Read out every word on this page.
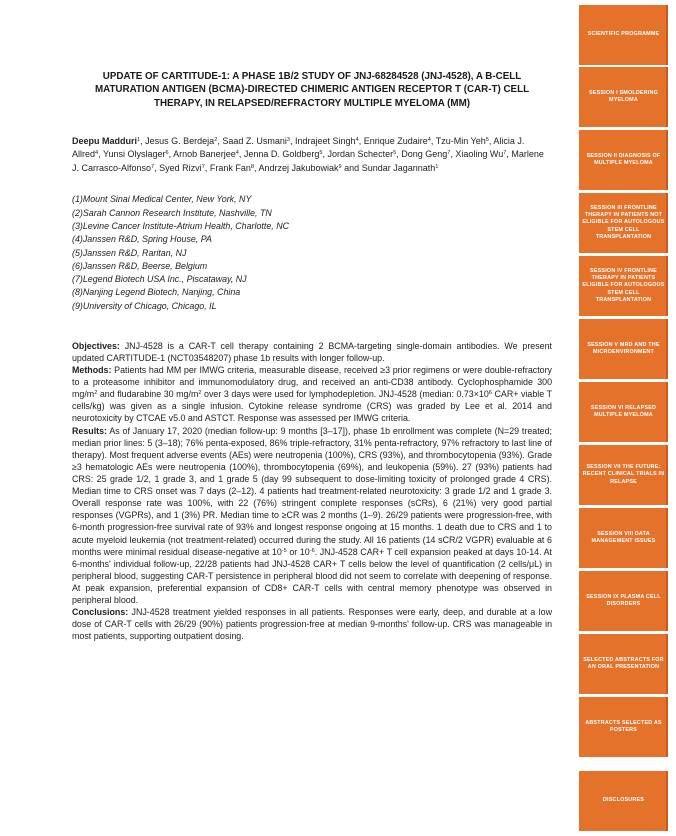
UPDATE OF CARTITUDE-1: A PHASE 1B/2 STUDY OF JNJ-68284528 (JNJ-4528), A B-CELL MATURATION ANTIGEN (BCMA)-DIRECTED CHIMERIC ANTIGEN RECEPTOR T (CAR-T) CELL THERAPY, IN RELAPSED/REFRACTORY MULTIPLE MYELOMA (MM)
Deepu Madduri$^1$, Jesus G. Berdeja$^2$, Saad Z. Usmani$^3$, Indrajeet Singh$^4$, Enrique Zudaire$^4$, Tzu-Min Yeh$^5$, Alicia J. Allred$^4$, Yunsi Olyslager$^6$, Arnob Banerjee$^4$, Jenna D. Goldberg$^5$, Jordan Schecter$^5$, Dong Geng$^7$, Xiaoling Wu$^7$, Marlene J. Carrasco-Alfonso$^7$, Syed Rizvi$^7$, Frank Fan$^8$, Andrzej Jakubowiak$^9$ and Sundar Jagannath$^1$
(1)Mount Sinai Medical Center, New York, NY
(2)Sarah Cannon Research Institute, Nashville, TN
(3)Levine Cancer Institute-Atrium Health, Charlotte, NC
(4)Janssen R&D, Spring House, PA
(5)Janssen R&D, Raritan, NJ
(6)Janssen R&D, Beerse, Belgium
(7)Legend Biotech USA Inc., Piscataway, NJ
(8)Nanjing Legend Biotech, Nanjing, China
(9)University of Chicago, Chicago, IL

Objectives: JNJ-4528 is a CAR-T cell therapy containing 2 BCMA-targeting single-domain antibodies. We present updated CARTITUDE-1 (NCT03548207) phase 1b results with longer follow-up.

Methods: Patients had MM per IMWG criteria, measurable disease, received ≥3 prior regimens or were double-refractory to a proteasome inhibitor and immunomodulatory drug, and received an anti-CD38 antibody. Cyclophosphamide 300 $mg/m^2$ and fludarabine 30 $mg/m^2$ over 3 days were used for lymphodepletion. JNJ-4528 (median: $0.73\times 10^6$ CAR+ viable T cells/kg) was given as a single infusion. Cytokine release syndrome (CRS) was graded by Lee et al. 2014 and neurotoxicity by CTCAE v5.0 and ASTCT. Response was assessed per IMWG criteria.

Results: As of January 17, 2020 (median follow-up: 9 months [3–17]), phase 1b enrollment was complete (N=29 treated; median prior lines: 5 (3–18); 76% penta-exposed, 86% triple-refractory, 31% penta-refractory, 97% refractory to last line of therapy). Most frequent adverse events (AEs) were neutropenia (100%), CRS (93%), and thrombocytopenia (93%). Grade ≥3 hematologic AEs were neutropenia (100%), thrombocytopenia (69%), and leukopenia (59%). 27 (93%) patients had CRS: 25 grade 1/2, 1 grade 3, and 1 grade 5 (day 99 subsequent to dose-limiting toxicity of prolonged grade 4 CRS). Median time to CRS onset was 7 days (2–12). 4 patients had treatment-related neurotoxicity: 3 grade 1/2 and 1 grade 3. Overall response rate was 100%, with 22 (76%) stringent complete responses (sCRs), 6 (21%) very good partial responses (VGPRs), and 1 (3%) PR. Median time to ≥CR was 2 months (1–9). 26/29 patients were progression-free, with 6-month progression-free survival rate of 93% and longest response ongoing at 15 months. 1 death due to CRS and 1 to acute myeloid leukemia (not treatment-related) occurred during the study. All 16 patients (14 sCR/2 VGPR) evaluable at 6 months were minimal residual disease-negative at $10^{-5}$ or $10^{-6}$. JNJ-4528 CAR+ T cell expansion peaked at days 10-14. At 6-months' individual follow-up, 22/28 patients had JNJ-4528 CAR+ T cells below the level of quantification (2 cells/μL) in peripheral blood, suggesting CAR-T persistence in peripheral blood did not seem to correlate with deepening of response. At peak expansion, preferential expansion of CD8+ CAR-T cells with central memory phenotype was observed in peripheral blood.

Conclusions: JNJ-4528 treatment yielded responses in all patients. Responses were early, deep, and durable at a low dose of CAR-T cells with 26/29 (90%) patients progression-free at median 9-months' follow-up. CRS was manageable in most patients, supporting outpatient dosing.

SCIENTIFIC PROGRAMME
SESSION I SMOLDERING MYELOMA
SESSION II DIAGNOSIS OF MULTIPLE MYELOMA
SESSION III FRONTLINE THERAPY IN PATIENTS NOT ELIGIBLE FOR AUTOLOGOUS STEM CELL TRANSPLANTATION
SESSION IV FRONTLINE THERAPY IN PATIENTS ELIGIBLE FOR AUTOLOGOUS STEM CELL TRANSPLANTATION
SESSION V MRD AND THE MICROENVIRONMENT
SESSION VI RELAPSED MULTIPLE MYELOMA
SESSION VII THE FUTURE: RECENT CLINICAL TRIALS IN RELAPSE
SESSION VIII DATA MANAGEMENT ISSUES
SESSION IX PLASMA CELL DISORDERS
SELECTED ABSTRACTS FOR AN ORAL PRESENTATION
ABSTRACTS SELECTED AS POSTERS
DISCLOSURES
